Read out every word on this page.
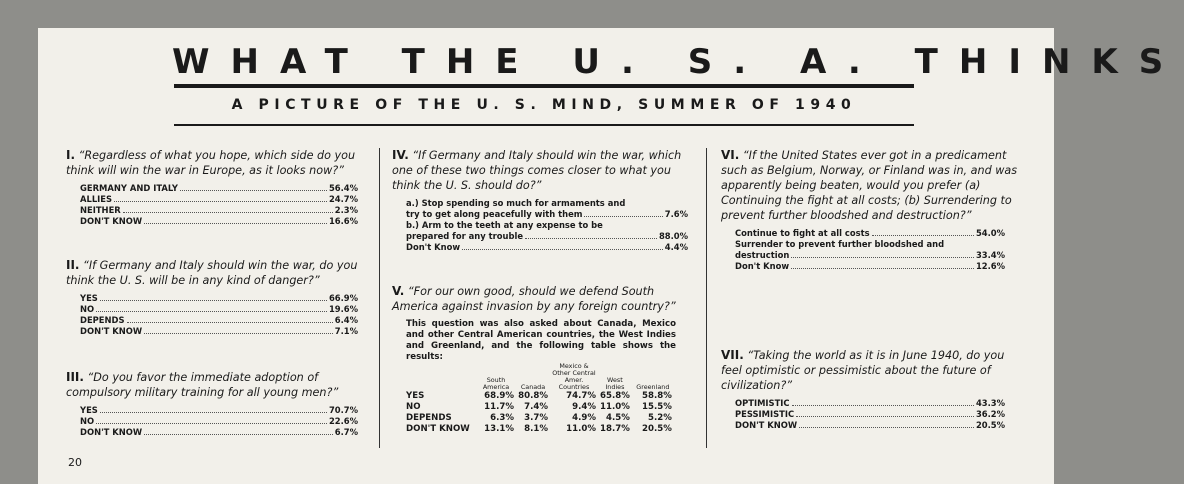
WHAT THE U. S. A. THINKS
A PICTURE OF THE U. S. MIND, SUMMER OF 1940

I. “Regardless of what you hope, which side do you think will win the war in Europe, as it looks now?”

GERMANY AND ITALY	56.4%
ALLIES	24.7%
NEITHER	2.3%
DON'T KNOW	16.6%

II. “If Germany and Italy should win the war, do you think the U. S. will be in any kind of danger?”

YES	66.9%
NO	19.6%
DEPENDS	6.4%
DON'T KNOW	7.1%

III. “Do you favor the immediate adoption of compulsory military training for all young men?”

YES	70.7%
NO	22.6%
DON'T KNOW	6.7%

IV. “If Germany and Italy should win the war, which one of these two things comes closer to what you think the U. S. should do?”

a.) Stop spending so much for armaments and
try to get along peacefully with them	7.6%
b.) Arm to the teeth at any expense to be
prepared for any trouble	88.0%
Don't Know	4.4%

V. “For our own good, should we defend South America against invasion by any foreign country?”

This question was also asked about Canada, Mexico and other Central American countries, the West Indies and Greenland, and the following table shows the results:
	South America	Canada	Mexico & Other Central Amer. Countries	West Indies	Greenland
YES	68.9%	80.8%	74.7%	65.8%	58.8%
NO	11.7%	7.4%	9.4%	11.0%	15.5%
DEPENDS	6.3%	3.7%	4.9%	4.5%	5.2%
DON'T KNOW	13.1%	8.1%	11.0%	18.7%	20.5%

VI. “If the United States ever got in a predicament such as Belgium, Norway, or Finland was in, and was apparently being beaten, would you prefer (a) Continuing the fight at all costs; (b) Surrendering to prevent further bloodshed and destruction?”

Continue to fight at all costs	54.0%
Surrender to prevent further bloodshed and
destruction	33.4%
Don't Know	12.6%

VII. “Taking the world as it is in June 1940, do you feel optimistic or pessimistic about the future of civilization?”

OPTIMISTIC	43.3%
PESSIMISTIC	36.2%
DON'T KNOW	20.5%
20
